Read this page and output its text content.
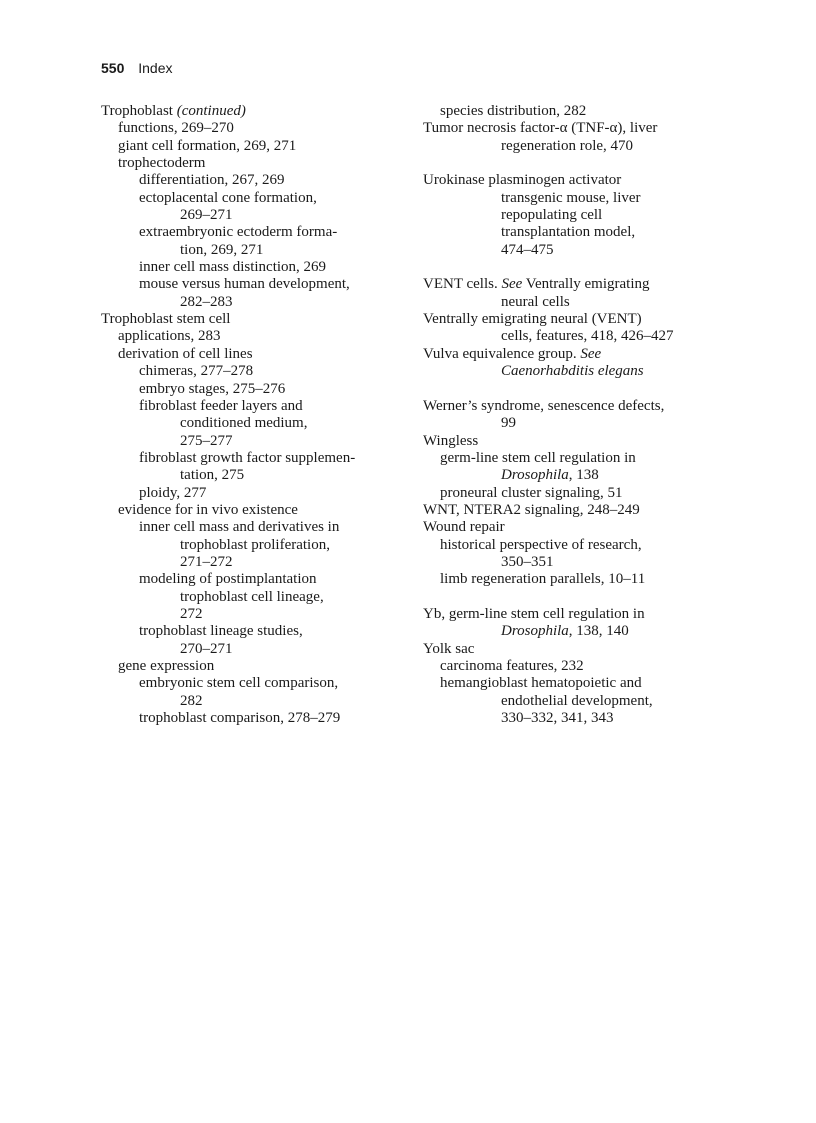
550 Index
Trophoblast (continued)
functions, 269–270
giant cell formation, 269, 271
trophectoderm
differentiation, 267, 269
ectoplacental cone formation,
269–271
extraembryonic ectoderm forma-
tion, 269, 271
inner cell mass distinction, 269
mouse versus human development,
282–283
Trophoblast stem cell
applications, 283
derivation of cell lines
chimeras, 277–278
embryo stages, 275–276
fibroblast feeder layers and
conditioned medium,
275–277
fibroblast growth factor supplemen-
tation, 275
ploidy, 277
evidence for in vivo existence
inner cell mass and derivatives in
trophoblast proliferation,
271–272
modeling of postimplantation
trophoblast cell lineage,
272
trophoblast lineage studies,
270–271
gene expression
embryonic stem cell comparison,
282
trophoblast comparison, 278–279
species distribution, 282
Tumor necrosis factor-α (TNF-α), liver
regeneration role, 470
Urokinase plasminogen activator
transgenic mouse, liver
repopulating cell
transplantation model,
474–475
VENT cells. See Ventrally emigrating
neural cells
Ventrally emigrating neural (VENT)
cells, features, 418, 426–427
Vulva equivalence group. See
Caenorhabditis elegans
Werner’s syndrome, senescence defects,
99
Wingless
germ-line stem cell regulation in
Drosophila, 138
proneural cluster signaling, 51
WNT, NTERA2 signaling, 248–249
Wound repair
historical perspective of research,
350–351
limb regeneration parallels, 10–11
Yb, germ-line stem cell regulation in
Drosophila, 138, 140
Yolk sac
carcinoma features, 232
hemangioblast hematopoietic and
endothelial development,
330–332, 341, 343
